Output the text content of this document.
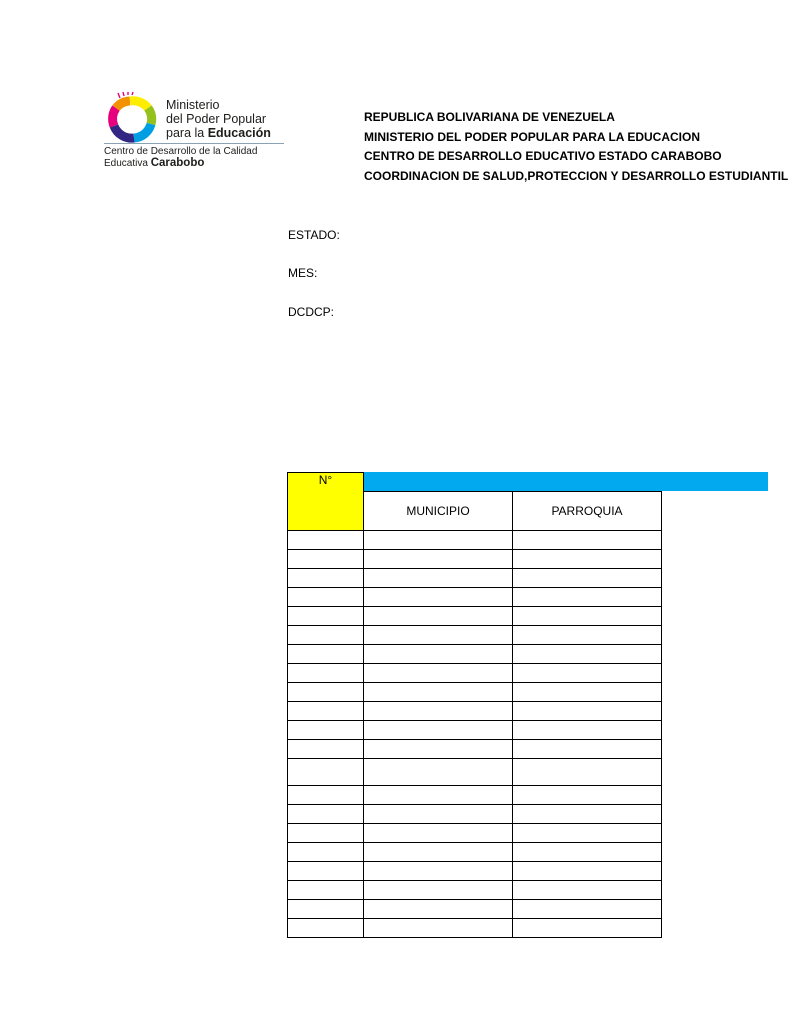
Ministerio
del Poder Popular
para la Educación
Centro de Desarrollo de la Calidad
Educativa Carabobo
REPUBLICA BOLIVARIANA DE VENEZUELA
MINISTERIO DEL PODER POPULAR PARA LA EDUCACION
CENTRO DE DESARROLLO EDUCATIVO ESTADO CARABOBO
COORDINACION DE SALUD,PROTECCION Y DESARROLLO ESTUDIANTIL
ESTADO:
MES:
DCDCP:
N°		
	MUNICIPIO	PARROQUIA
